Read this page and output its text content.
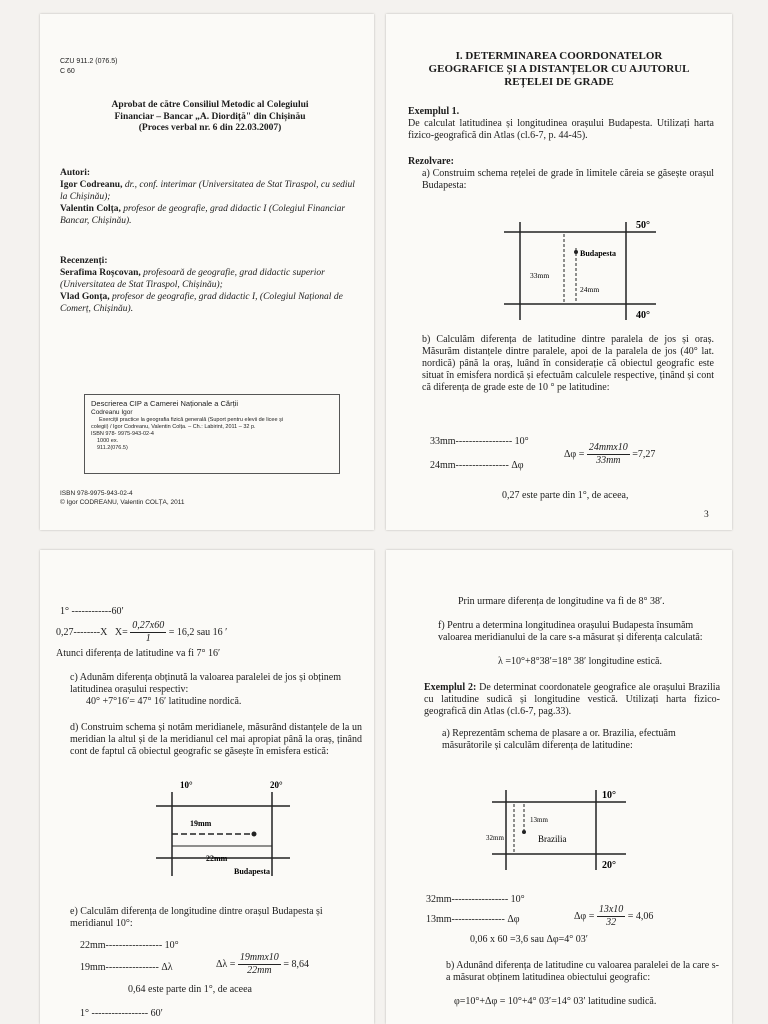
CZU 911.2 (076.5)

C 60

Aprobat de către Consiliul Metodic al Colegiului
Financiar – Bancar „A. Diordiță" din Chișinău
(Proces verbal nr. 6 din 22.03.2007)

Autori:

Igor Codreanu, dr., conf. interimar (Universitatea de Stat Tiraspol, cu sediul la Chișinău);

Valentin Colța, profesor de geografie, grad didactic I (Colegiul Financiar Bancar, Chișinău).

Recenzenți:

Serafima Roșcovan, profesoară de geografie, grad didactic superior (Universitatea de Stat Tiraspol, Chișinău);

Vlad Gonța, profesor de geografie, grad didactic I, (Colegiul Național de Comerț, Chișinău).

Descrierea CIP a Camerei Naționale a Cărții
Codreanu Igor
Exerciții practice la geografia fizică generală (Suport pentru elevii de licee și
colegii) / Igor Codreanu, Valentin Colța. – Ch.: Labirint, 2011 – 32 p.
ISBN 978- 9975-943-02-4
1000 ex.
911.2(076.5)

ISBN 978-9975-943-02-4

© Igor CODREANU, Valentin COLȚA, 2011

I. DETERMINAREA COORDONATELOR
GEOGRAFICE ȘI A DISTANȚELOR CU AJUTORUL
REȚELEI DE GRADE

Exemplul 1.

De calculat latitudinea și longitudinea orașului Budapesta. Utilizați harta fizico-geografică din Atlas (cl.6-7, p. 44-45).

Rezolvare:

a) Construim schema rețelei de grade în limitele căreia se găsește orașul Budapesta:

50°
40°
Budapesta
33mm
24mm

b) Calculăm diferența de latitudine dintre paralela de jos și oraș. Măsurăm distanțele dintre paralele, apoi de la paralela de jos (40° lat. nordică) până la oraș, luând în considerație că obiectul geografic este situat în emisfera nordică și efectuăm calculele respective, ținând și cont că diferența de grade este de 10 ° pe latitudine:

33mm----------------- 10°

24mm---------------- Δφ

$\Delta\varphi = \frac{\text{24mmx10}}{33mm} =7,27$

0,27 este parte din 1°, de aceea,

3

1° ------------60′

0,27--------X $X= \frac{0,27x60}{1} = 16,2$ sau 16 ′

Atunci diferența de latitudine va fi 7° 16′

c) Adunăm diferența obținută la valoarea paralelei de jos și obținem latitudinea orașului respectiv:

40° +7°16′= 47° 16′ latitudine nordică.

d) Construim schema și notăm meridianele, măsurând distanțele de la un meridian la altul și de la meridianul cel mai apropiat până la oraș, ținând cont de faptul că obiectul geografic se găsește în emisfera estică:

10°	20°
19mm
22mm
Budapesta

e) Calculăm diferența de longitudine dintre orașul Budapesta și meridianul 10°:

22mm----------------- 10°

19mm---------------- Δλ	$\Delta\lambda = \frac{\text{19mmx10}}{22mm} = 8,64$

0,64 este parte din 1°, de aceea

1° ----------------- 60′

Prin urmare diferența de longitudine va fi de 8° 38′.

f) Pentru a determina longitudinea orașului Budapesta însumăm valoarea meridianului de la care s-a măsurat și diferența calculată:

λ =10°+8°38′=18° 38′ longitudine estică.

Exemplul 2: De determinat coordonatele geografice ale orașului Brazilia cu latitudine sudică și longitudine vestică. Utilizați harta fizico-geografică din Atlas (cl.6-7, pag.33).

a) Reprezentăm schema de plasare a or. Brazilia, efectuăm măsurătorile și calculăm diferența de latitudine:

10°
20°
Brazilia
32mm
13mm

32mm----------------- 10°

13mm---------------- Δφ	$\Delta\varphi = \frac{13x10}{32} = 4,06$

0,06 x 60 =3,6 sau Δφ=4° 03′

b) Adunând diferența de latitudine cu valoarea paralelei de la care s-a măsurat obținem latitudinea obiectului geografic:

φ=10°+Δφ = 10°+4° 03′=14° 03′ latitudine sudică.
